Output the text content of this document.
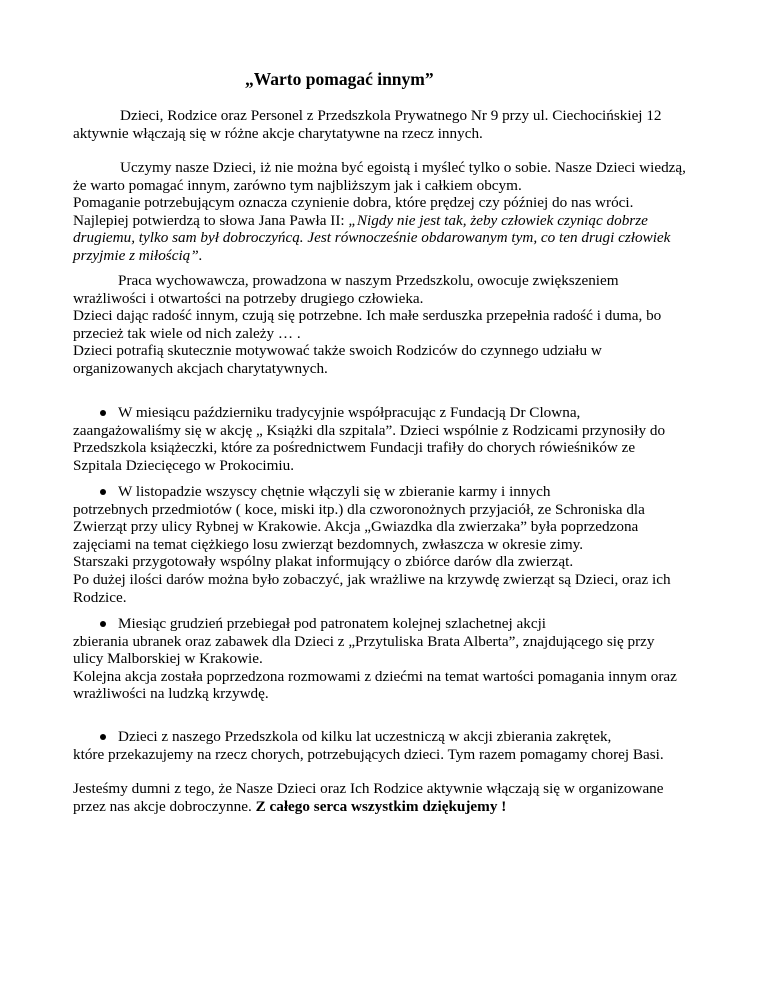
„Warto pomagać innym”
Dzieci, Rodzice oraz Personel z Przedszkola Prywatnego Nr 9 przy ul. Ciechocińskiej 12
aktywnie włączają się w różne akcje charytatywne na rzecz innych.
Uczymy nasze Dzieci, iż nie można być egoistą i myśleć tylko o sobie. Nasze Dzieci wiedzą,
że warto pomagać innym, zarówno tym najbliższym jak i całkiem obcym.
Pomaganie potrzebującym oznacza czynienie dobra, które prędzej czy później do nas wróci.
Najlepiej potwierdzą to słowa Jana Pawła II: „Nigdy nie jest tak, żeby człowiek czyniąc dobrze
drugiemu, tylko sam był dobroczyńcą. Jest równocześnie obdarowanym tym, co ten drugi człowiek
przyjmie z miłością”.
Praca wychowawcza, prowadzona w naszym Przedszkolu, owocuje zwiększeniem
wrażliwości i otwartości na potrzeby drugiego człowieka.
Dzieci dając radość innym, czują się potrzebne. Ich małe serduszka przepełnia radość i duma, bo
przecież tak wiele od nich zależy … .
Dzieci potrafią skutecznie motywować także swoich Rodziców do czynnego udziału w
organizowanych akcjach charytatywnych.
W miesiącu październiku tradycyjnie współpracując z Fundacją Dr Clowna,
zaangażowaliśmy się w akcję „ Książki dla szpitala”. Dzieci wspólnie z Rodzicami przynosiły do
Przedszkola książeczki, które za pośrednictwem Fundacji trafiły do chorych rówieśników ze
Szpitala Dziecięcego w Prokocimiu.
W listopadzie wszyscy chętnie włączyli się w zbieranie karmy i innych
potrzebnych przedmiotów ( koce, miski itp.) dla czworonożnych przyjaciół, ze Schroniska dla
Zwierząt przy ulicy Rybnej w Krakowie. Akcja „Gwiazdka dla zwierzaka” była poprzedzona
zajęciami na temat ciężkiego losu zwierząt bezdomnych, zwłaszcza w okresie zimy.
Starszaki przygotowały wspólny plakat informujący o zbiórce darów dla zwierząt.
Po dużej ilości darów można było zobaczyć, jak wrażliwe na krzywdę zwierząt są Dzieci, oraz ich
Rodzice.
Miesiąc grudzień przebiegał pod patronatem kolejnej szlachetnej akcji
zbierania ubranek oraz zabawek dla Dzieci z „Przytuliska Brata Alberta”, znajdującego się przy
ulicy Malborskiej w Krakowie.
Kolejna akcja została poprzedzona rozmowami z dziećmi na temat wartości pomagania innym oraz
wrażliwości na ludzką krzywdę.
Dzieci z naszego Przedszkola od kilku lat uczestniczą w akcji zbierania zakrętek,
które przekazujemy na rzecz chorych, potrzebujących dzieci. Tym razem pomagamy chorej Basi.
Jesteśmy dumni z tego, że Nasze Dzieci oraz Ich Rodzice aktywnie włączają się w organizowane
przez nas akcje dobroczynne. Z całego serca wszystkim dziękujemy !
